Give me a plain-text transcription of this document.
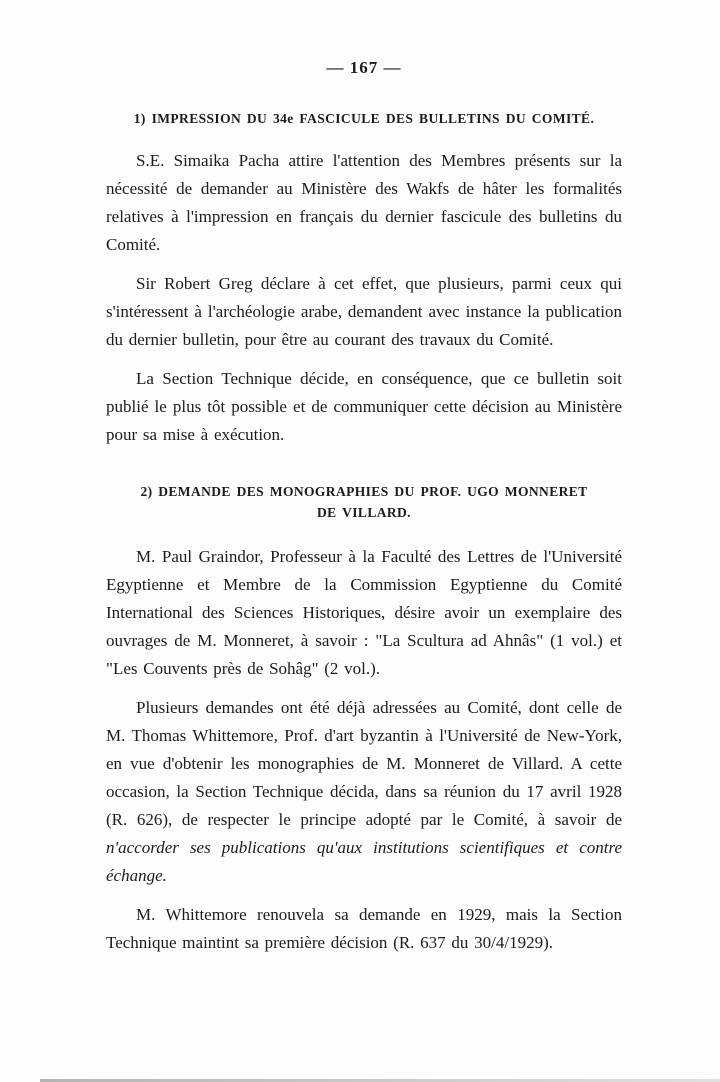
— 167 —
1) IMPRESSION DU 34e FASCICULE DES BULLETINS DU COMITÉ.

S.E. Simaika Pacha attire l'attention des Membres présents sur la nécessité de demander au Ministère des Wakfs de hâter les formalités relatives à l'impression en français du dernier fascicule des bulletins du Comité.

Sir Robert Greg déclare à cet effet, que plusieurs, parmi ceux qui s'intéressent à l'archéologie arabe, demandent avec instance la publication du dernier bulletin, pour être au courant des travaux du Comité.

La Section Technique décide, en conséquence, que ce bulletin soit publié le plus tôt possible et de communiquer cette décision au Ministère pour sa mise à exécution.

2) DEMANDE DES MONOGRAPHIES DU PROF. UGO MONNERET
DE VILLARD.

M. Paul Graindor, Professeur à la Faculté des Lettres de l'Université Egyptienne et Membre de la Commission Egyptienne du Comité International des Sciences Historiques, désire avoir un exemplaire des ouvrages de M. Monneret, à savoir : "La Scultura ad Ahnâs" (1 vol.) et "Les Couvents près de Sohâg" (2 vol.).

Plusieurs demandes ont été déjà adressées au Comité, dont celle de M. Thomas Whittemore, Prof. d'art byzantin à l'Université de New-York, en vue d'obtenir les monographies de M. Monneret de Villard. A cette occasion, la Section Technique décida, dans sa réunion du 17 avril 1928 (R. 626), de respecter le principe adopté par le Comité, à savoir de n'accorder ses publications qu'aux institutions scientifiques et contre échange.

M. Whittemore renouvela sa demande en 1929, mais la Section Technique maintint sa première décision (R. 637 du 30/4/1929).
